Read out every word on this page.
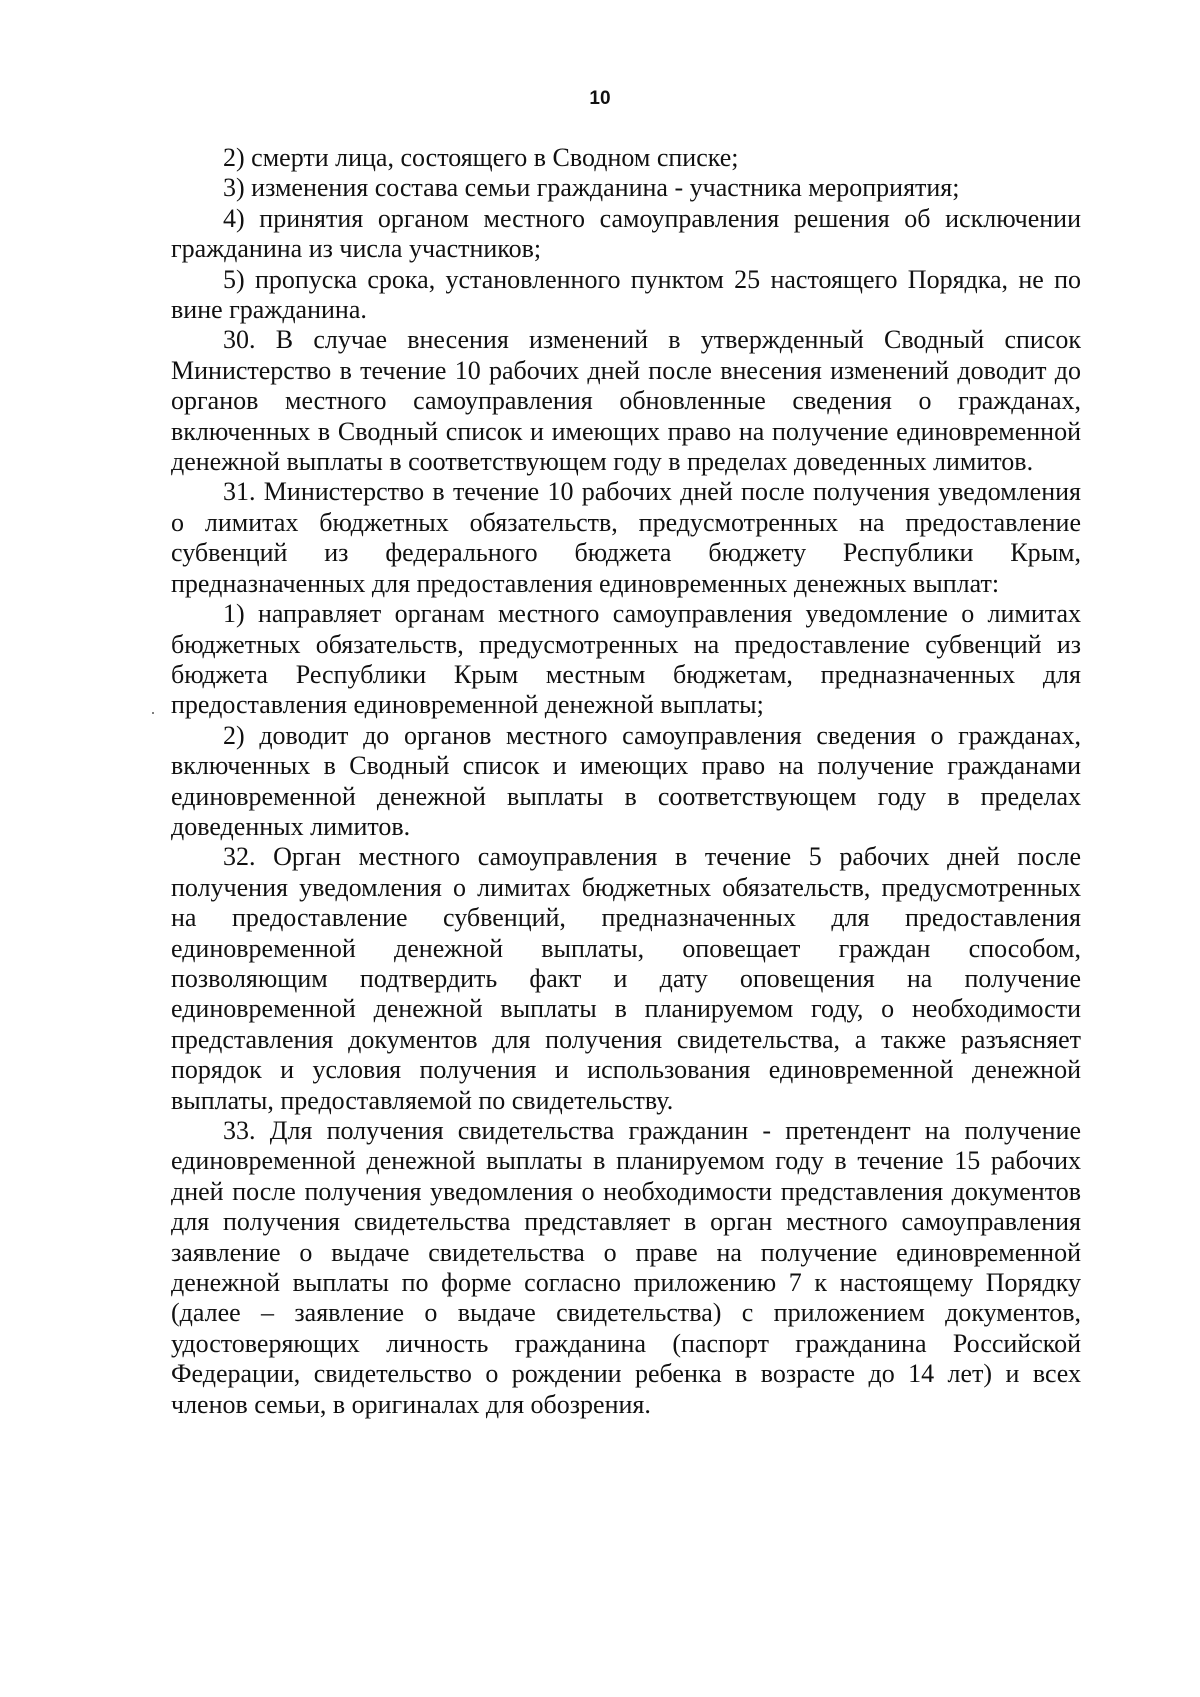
10

2) смерти лица, состоящего в Сводном списке;

3) изменения состава семьи гражданина - участника мероприятия;

4) принятия органом местного самоуправления решения об исключении гражданина из числа участников;

5) пропуска срока, установленного пунктом 25 настоящего Порядка, не по вине гражданина.

30. В случае внесения изменений в утвержденный Сводный список Министерство в течение 10 рабочих дней после внесения изменений доводит до органов местного самоуправления обновленные сведения о гражданах, включенных в Сводный список и имеющих право на получение единовременной денежной выплаты в соответствующем году в пределах доведенных лимитов.

31. Министерство в течение 10 рабочих дней после получения уведомления о лимитах бюджетных обязательств, предусмотренных на предоставление субвенций из федерального бюджета бюджету Республики Крым, предназначенных для предоставления единовременных денежных выплат:

1) направляет органам местного самоуправления уведомление о лимитах бюджетных обязательств, предусмотренных на предоставление субвенций из бюджета Республики Крым местным бюджетам, предназначенных для предоставления единовременной денежной выплаты;

2) доводит до органов местного самоуправления сведения о гражданах, включенных в Сводный список и имеющих право на получение гражданами единовременной денежной выплаты в соответствующем году в пределах доведенных лимитов.

32. Орган местного самоуправления в течение 5 рабочих дней после получения уведомления о лимитах бюджетных обязательств, предусмотренных на предоставление субвенций, предназначенных для предоставления единовременной денежной выплаты, оповещает граждан способом, позволяющим подтвердить факт и дату оповещения на получение единовременной денежной выплаты в планируемом году, о необходимости представления документов для получения свидетельства, а также разъясняет порядок и условия получения и использования единовременной денежной выплаты, предоставляемой по свидетельству.

33. Для получения свидетельства гражданин - претендент на получение единовременной денежной выплаты в планируемом году в течение 15 рабочих дней после получения уведомления о необходимости представления документов для получения свидетельства представляет в орган местного самоуправления заявление о выдаче свидетельства о праве на получение единовременной денежной выплаты по форме согласно приложению 7 к настоящему Порядку (далее – заявление о выдаче свидетельства) с приложением документов, удостоверяющих личность гражданина (паспорт гражданина Российской Федерации, свидетельство о рождении ребенка в возрасте до 14 лет) и всех членов семьи, в оригиналах для обозрения.
